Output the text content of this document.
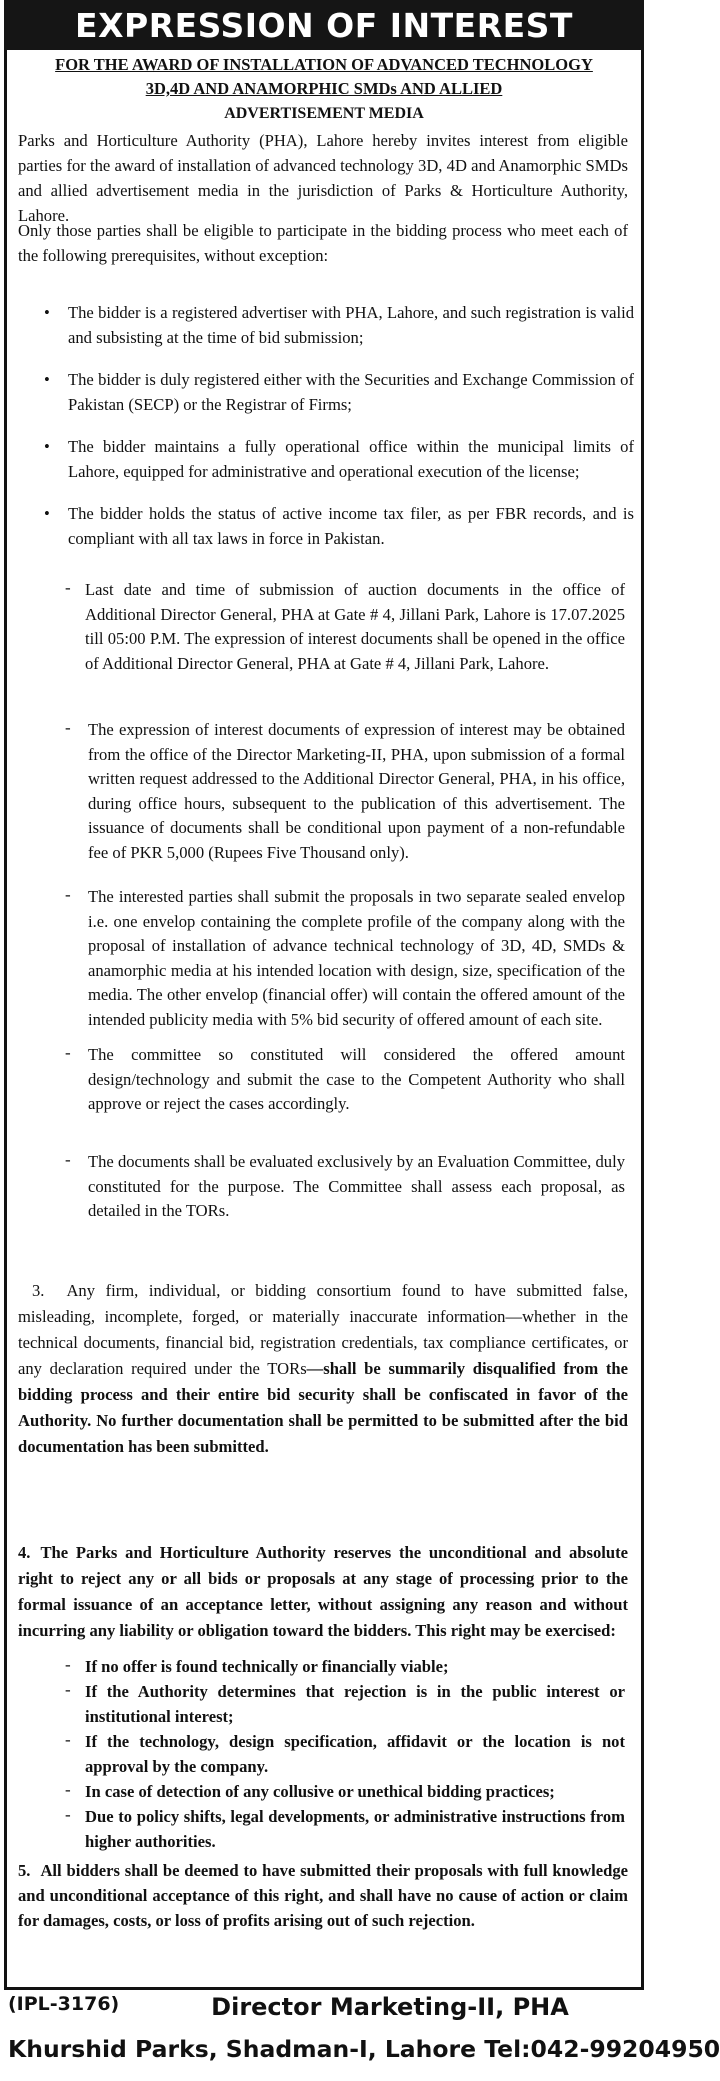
EXPRESSION OF INTEREST
FOR THE AWARD OF INSTALLATION OF ADVANCED TECHNOLOGY
3D,4D AND ANAMORPHIC SMDs AND ALLIED
ADVERTISEMENT MEDIA

Parks and Horticulture Authority (PHA), Lahore hereby invites interest from eligible parties for the award of installation of advanced technology 3D, 4D and Anamorphic SMDs and allied advertisement media in the jurisdiction of Parks & Horticulture Authority, Lahore.

Only those parties shall be eligible to participate in the bidding process who meet each of the following prerequisites, without exception:

• The bidder is a registered advertiser with PHA, Lahore, and such registration is valid and subsisting at the time of bid submission;
• The bidder is duly registered either with the Securities and Exchange Commission of Pakistan (SECP) or the Registrar of Firms;
• The bidder maintains a fully operational office within the municipal limits of Lahore, equipped for administrative and operational execution of the license;
• The bidder holds the status of active income tax filer, as per FBR records, and is compliant with all tax laws in force in Pakistan.
- Last date and time of submission of auction documents in the office of Additional Director General, PHA at Gate # 4, Jillani Park, Lahore is 17.07.2025 till 05:00 P.M. The expression of interest documents shall be opened in the office of Additional Director General, PHA at Gate # 4, Jillani Park, Lahore.

- The expression of interest documents of expression of interest may be obtained from the office of the Director Marketing-II, PHA, upon submission of a formal written request addressed to the Additional Director General, PHA, in his office, during office hours, subsequent to the publication of this advertisement. The issuance of documents shall be conditional upon payment of a non-refundable fee of PKR 5,000 (Rupees Five Thousand only).

- The interested parties shall submit the proposals in two separate sealed envelop i.e. one envelop containing the complete profile of the company along with the proposal of installation of advance technical technology of 3D, 4D, SMDs & anamorphic media at his intended location with design, size, specification of the media. The other envelop (financial offer) will contain the offered amount of the intended publicity media with 5% bid security of offered amount of each site.

- The committee so constituted will considered the offered amount design/technology and submit the case to the Competent Authority who shall approve or reject the cases accordingly.

- The documents shall be evaluated exclusively by an Evaluation Committee, duly constituted for the purpose. The Committee shall assess each proposal, as detailed in the TORs.

3. Any firm, individual, or bidding consortium found to have submitted false, misleading, incomplete, forged, or materially inaccurate information—whether in the technical documents, financial bid, registration credentials, tax compliance certificates, or any declaration required under the TORs—shall be summarily disqualified from the bidding process and their entire bid security shall be confiscated in favor of the Authority. No further documentation shall be permitted to be submitted after the bid documentation has been submitted.

4. The Parks and Horticulture Authority reserves the unconditional and absolute right to reject any or all bids or proposals at any stage of processing prior to the formal issuance of an acceptance letter, without assigning any reason and without incurring any liability or obligation toward the bidders. This right may be exercised:

- If no offer is found technically or financially viable;

- If the Authority determines that rejection is in the public interest or institutional interest;

- If the technology, design specification, affidavit or the location is not approval by the company.

- In case of detection of any collusive or unethical bidding practices;

- Due to policy shifts, legal developments, or administrative instructions from higher authorities.

5. All bidders shall be deemed to have submitted their proposals with full knowledge and unconditional acceptance of this right, and shall have no cause of action or claim for damages, costs, or loss of profits arising out of such rejection.

(IPL-3176)	Director Marketing-II, PHA
Khurshid Parks, Shadman-I, Lahore Tel:042-99204950
